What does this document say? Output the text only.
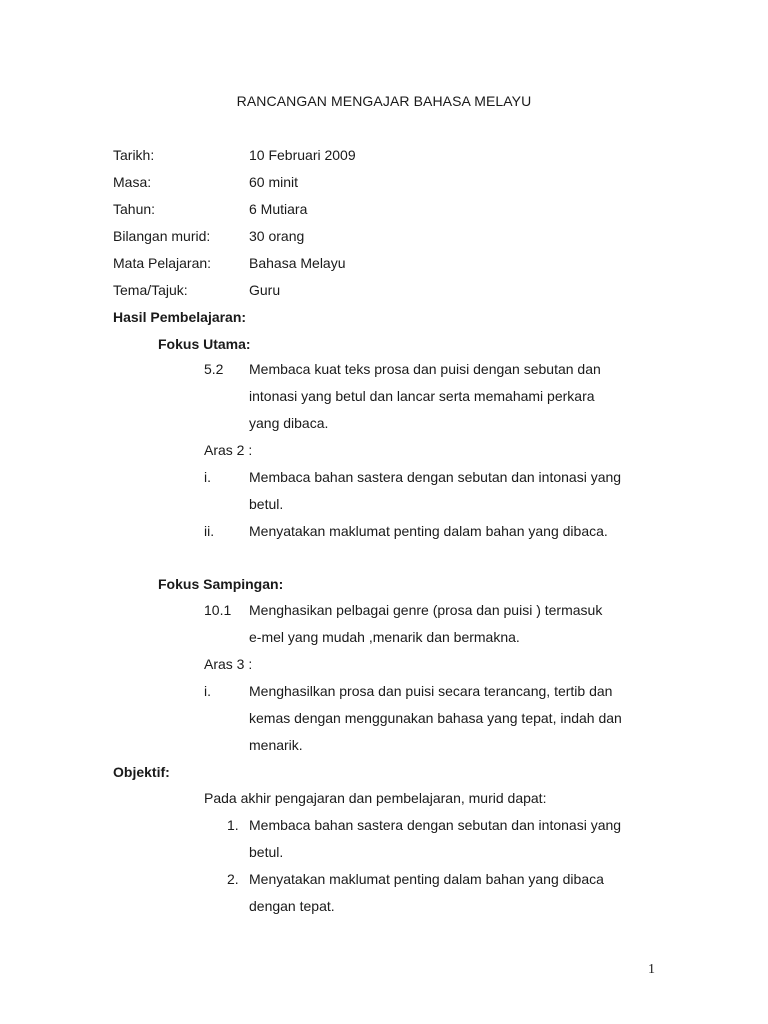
RANCANGAN MENGAJAR BAHASA MELAYU
Tarikh:	10 Februari 2009
Masa:	60 minit
Tahun:	6 Mutiara
Bilangan murid:	30 orang
Mata Pelajaran:	Bahasa Melayu
Tema/Tajuk:	Guru
Hasil Pembelajaran:
Fokus Utama:
5.2 Membaca kuat teks prosa dan puisi dengan sebutan dan
intonasi yang betul dan lancar serta memahami perkara
yang dibaca.
Aras 2 :
i.	Membaca bahan sastera dengan sebutan dan intonasi yang
betul.
ii. Menyatakan maklumat penting dalam bahan yang dibaca.
Fokus Sampingan:
10.1 Menghasikan pelbagai genre (prosa dan puisi ) termasuk
e-mel yang mudah ,menarik dan bermakna.
Aras 3 :
i.	Menghasilkan prosa dan puisi secara terancang, tertib dan
kemas dengan menggunakan bahasa yang tepat, indah dan
menarik.
Objektif:
Pada akhir pengajaran dan pembelajaran, murid dapat:
1. Membaca bahan sastera dengan sebutan dan intonasi yang
betul.
2. Menyatakan maklumat penting dalam bahan yang dibaca
dengan tepat.
1
